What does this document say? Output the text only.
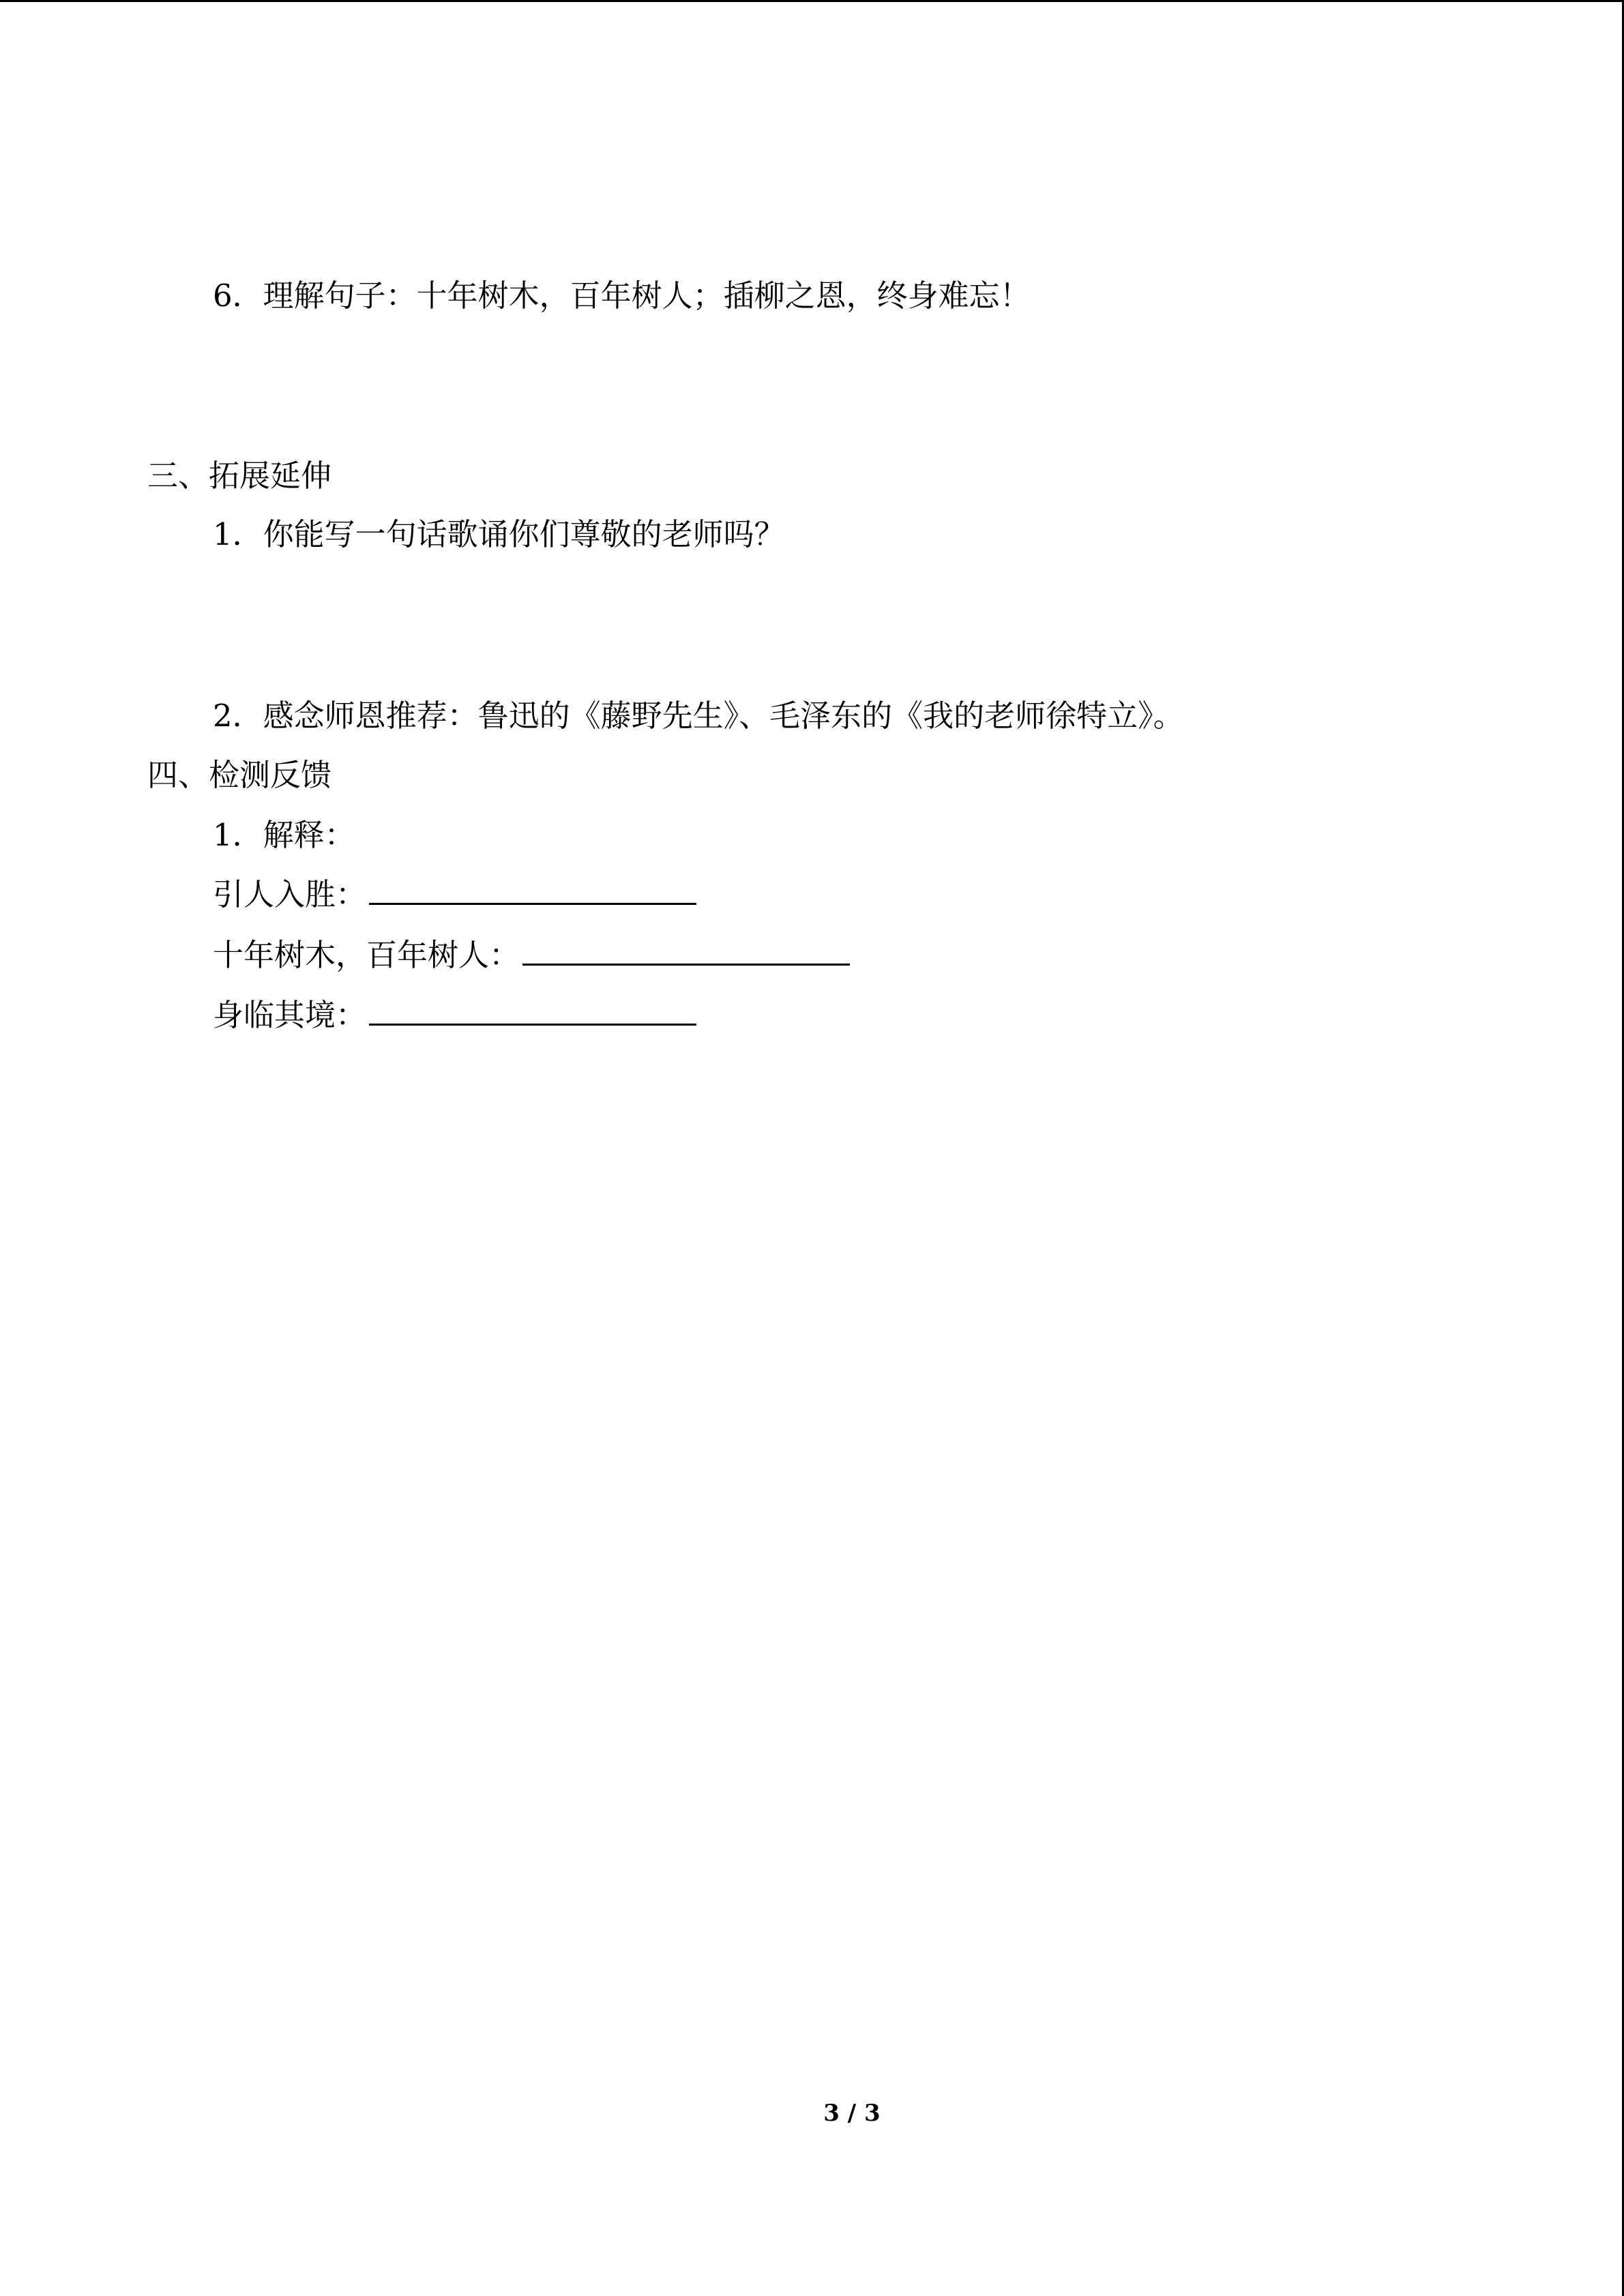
6．理解句子：十年树木，百年树人；插柳之恩，终身难忘！
三、拓展延伸
1．你能写一句话歌诵你们尊敬的老师吗？
2．感念师恩推荐：鲁迅的《藤野先生》、毛泽东的《我的老师徐特立》。
四、检测反馈
1．解释：
引人入胜：
十年树木，百年树人：
身临其境：
3 / 3
